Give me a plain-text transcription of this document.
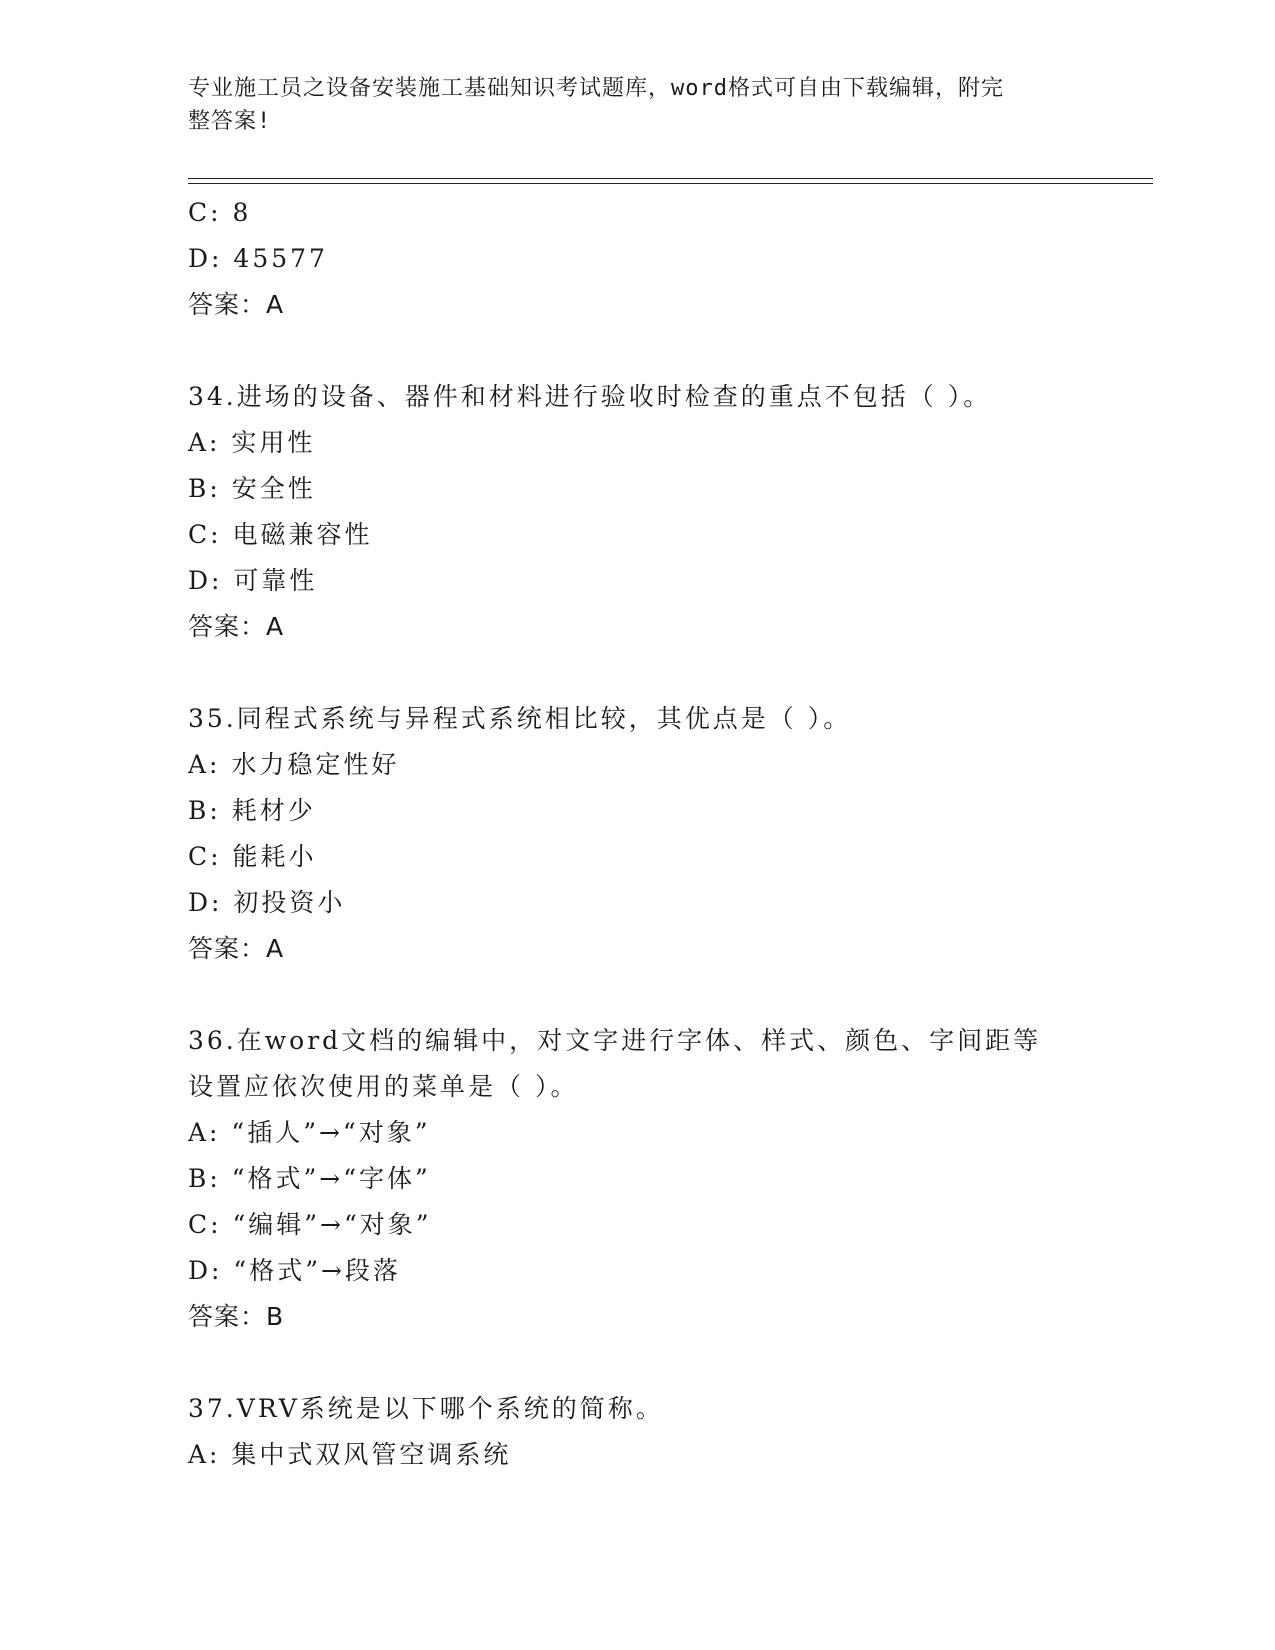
专业施工员之设备安装施工基础知识考试题库，word格式可自由下载编辑，附完
整答案!
C: 8
D: 45577
答案：A
34.进场的设备、器件和材料进行验收时检查的重点不包括（ ）。
A: 实用性
B: 安全性
C: 电磁兼容性
D: 可靠性
答案：A
35.同程式系统与异程式系统相比较，其优点是（ ）。
A: 水力稳定性好
B: 耗材少
C: 能耗小
D: 初投资小
答案：A
36.在word文档的编辑中，对文字进行字体、样式、颜色、字间距等
设置应依次使用的菜单是（ ）。
A: “插人”→“对象”
B: “格式”→“字体”
C: “编辑”→“对象”
D: “格式”→段落
答案：B
37.VRV系统是以下哪个系统的简称。
A: 集中式双风管空调系统
